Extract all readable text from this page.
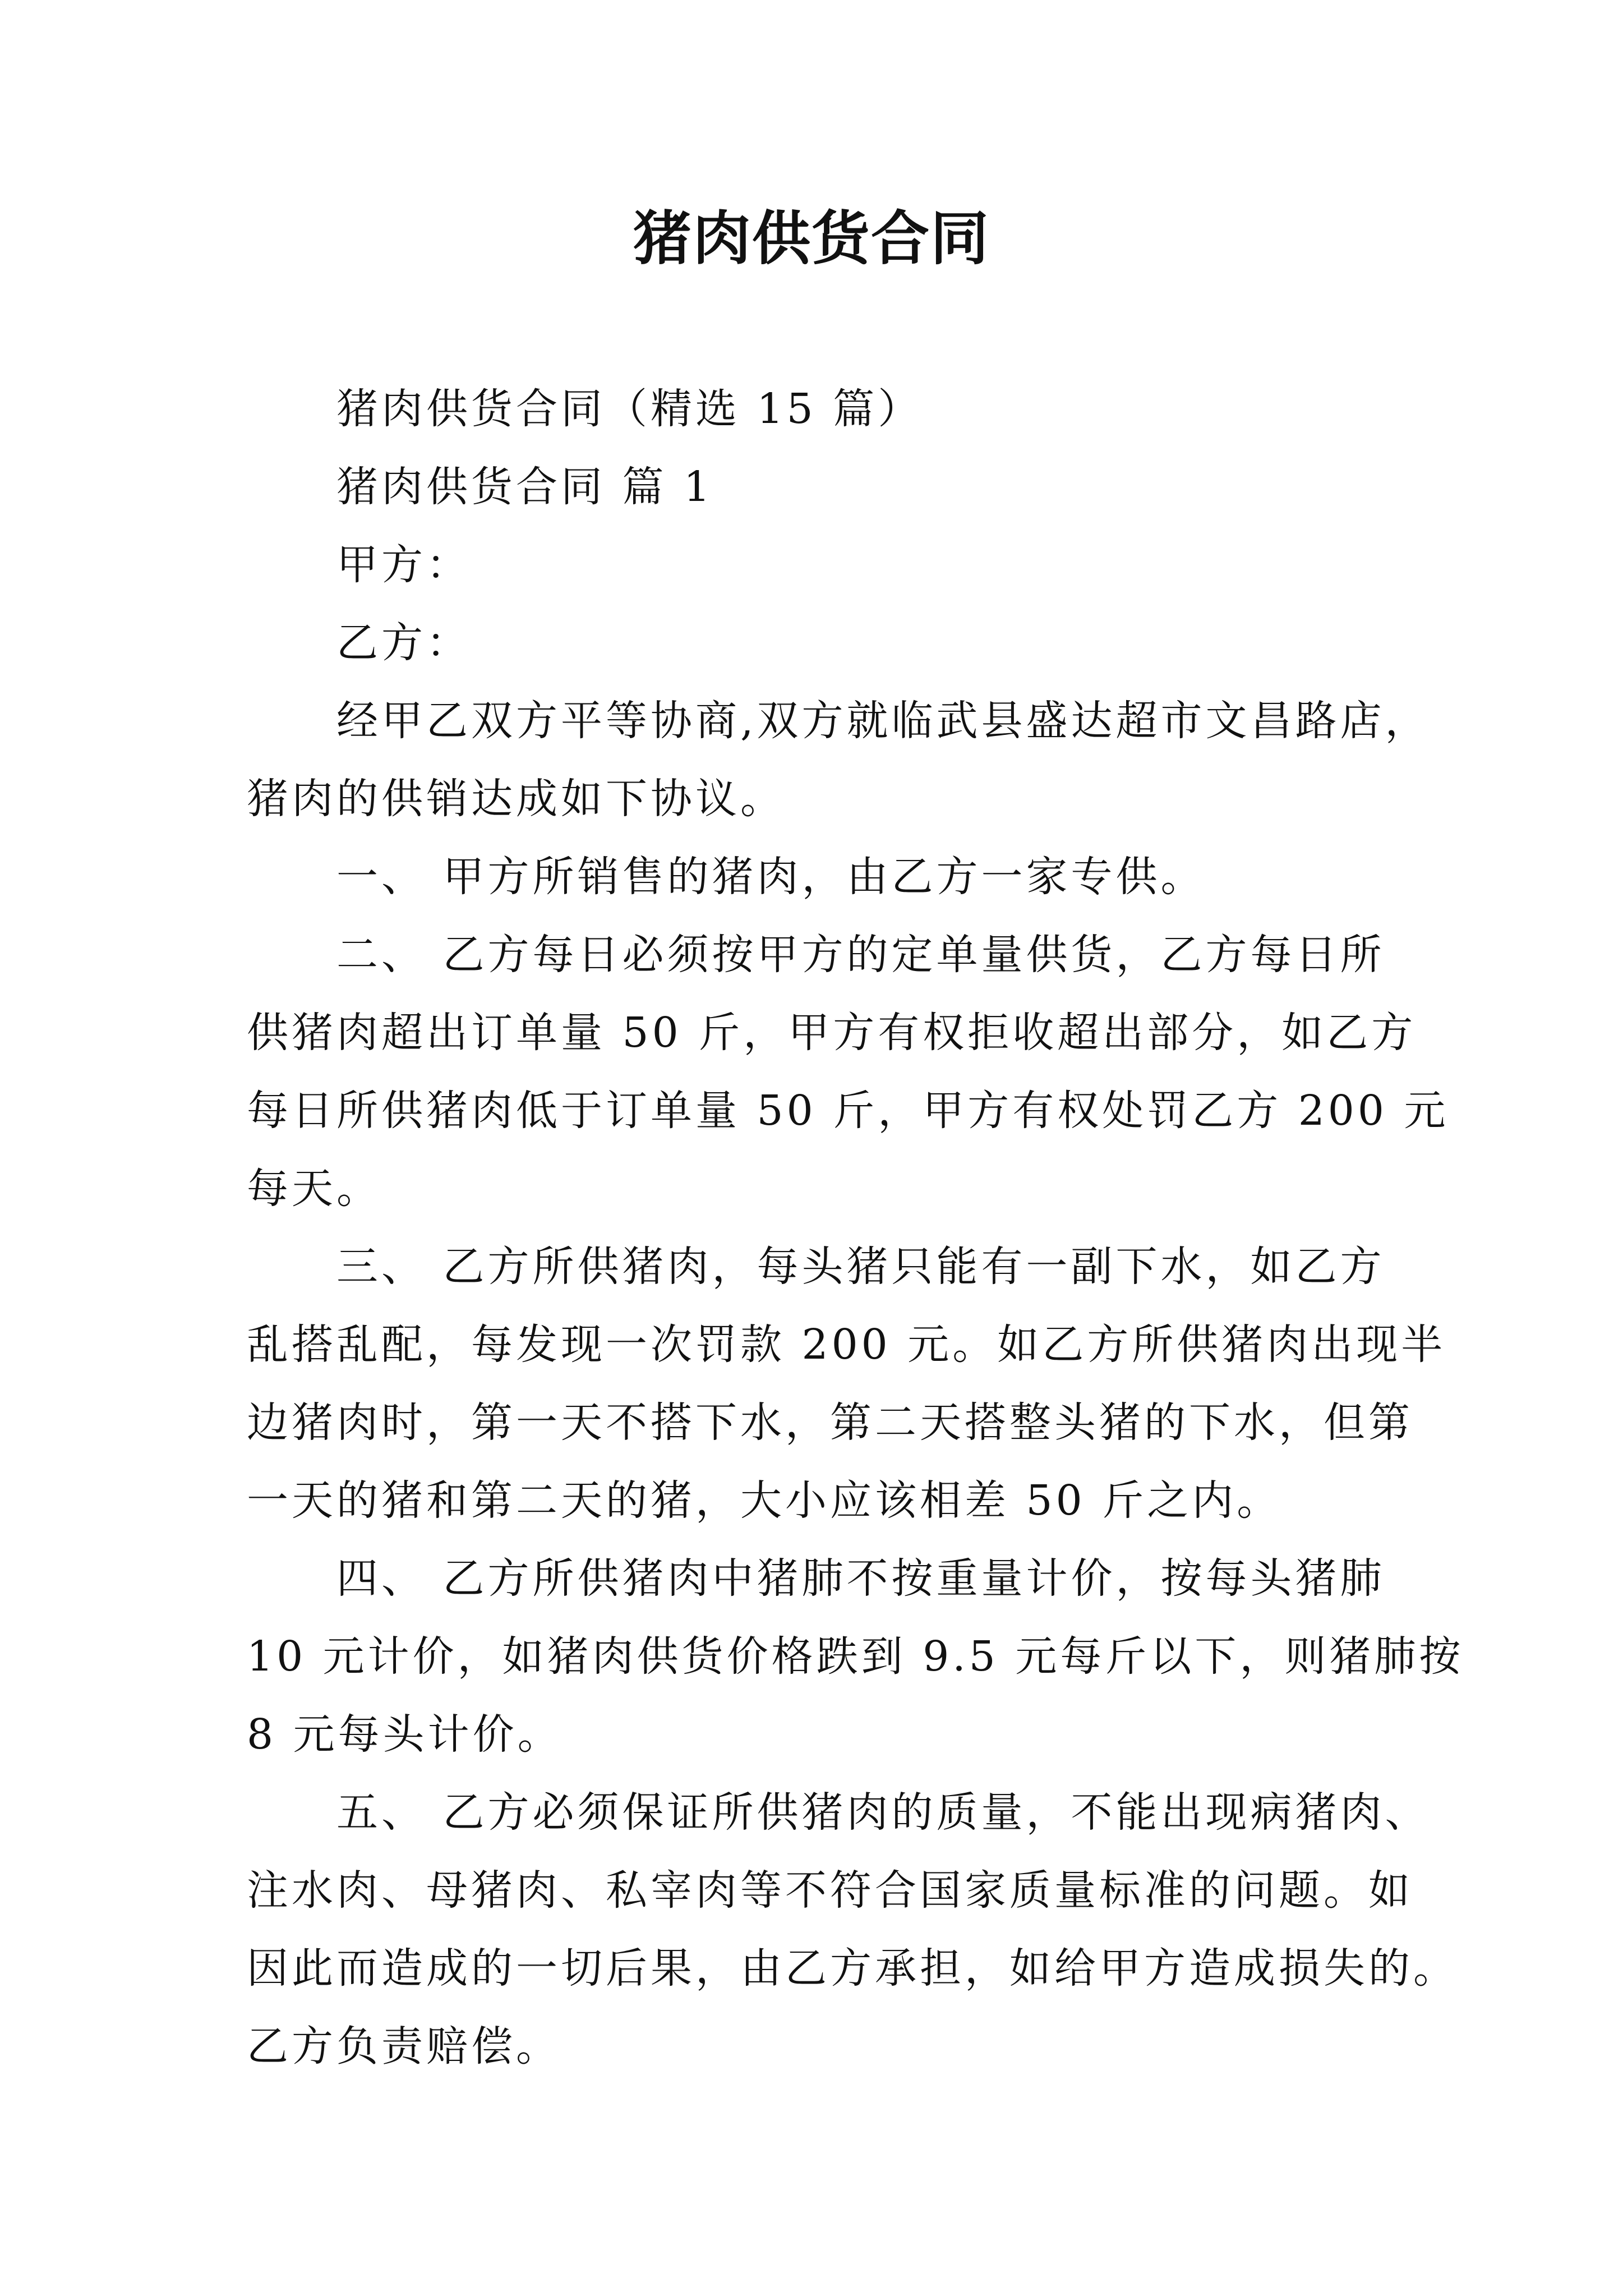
猪肉供货合同

猪肉供货合同（精选 15 篇）

猪肉供货合同 篇 1

甲方：

乙方：

经甲乙双方平等协商,双方就临武县盛达超市文昌路店，

猪肉的供销达成如下协议。

一、 甲方所销售的猪肉，由乙方一家专供。

二、 乙方每日必须按甲方的定单量供货，乙方每日所

供猪肉超出订单量 50 斤，甲方有权拒收超出部分，如乙方

每日所供猪肉低于订单量 50 斤，甲方有权处罚乙方 200 元

每天。

三、 乙方所供猪肉，每头猪只能有一副下水，如乙方

乱搭乱配，每发现一次罚款 200 元。如乙方所供猪肉出现半

边猪肉时，第一天不搭下水，第二天搭整头猪的下水，但第

一天的猪和第二天的猪，大小应该相差 50 斤之内。

四、 乙方所供猪肉中猪肺不按重量计价，按每头猪肺

10 元计价，如猪肉供货价格跌到 9.5 元每斤以下，则猪肺按

8 元每头计价。

五、 乙方必须保证所供猪肉的质量，不能出现病猪肉、

注水肉、母猪肉、私宰肉等不符合国家质量标准的问题。如

因此而造成的一切后果，由乙方承担，如给甲方造成损失的。

乙方负责赔偿。
